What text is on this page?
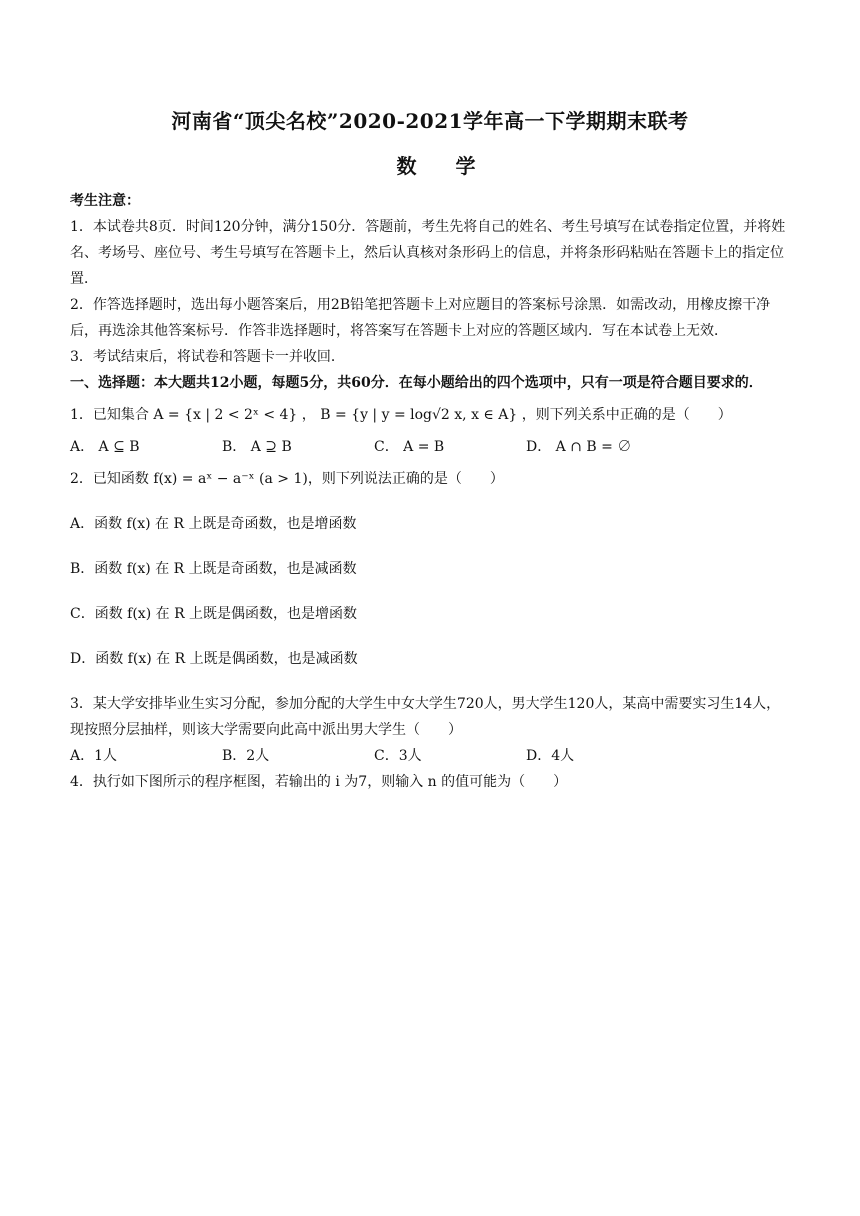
河南省“顶尖名校”2020-2021学年高一下学期期末联考
数 学
考生注意：
1．本试卷共8页．时间120分钟，满分150分．答题前，考生先将自己的姓名、考生号填写在试卷指定位置，并将姓名、考场号、座位号、考生号填写在答题卡上，然后认真核对条形码上的信息，并将条形码粘贴在答题卡上的指定位置．
2．作答选择题时，选出每小题答案后，用2B铅笔把答题卡上对应题目的答案标号涂黑．如需改动，用橡皮擦干净后，再选涂其他答案标号．作答非选择题时，将答案写在答题卡上对应的答题区域内．写在本试卷上无效．
3．考试结束后，将试卷和答题卡一并收回．
一、选择题：本大题共12小题，每题5分，共60分．在每小题给出的四个选项中，只有一项是符合题目要求的．
1．已知集合 A = {x | 2 < 2ˣ < 4} ， B = {y | y = log√2 x, x ∈ A} ，则下列关系中正确的是（　　）
A． A ⊆ B	B． A ⊇ B	C． A = B	D． A ∩ B = ∅
2．已知函数 f(x) = aˣ − a⁻ˣ (a > 1)，则下列说法正确的是（　　）
A．函数 f(x) 在 R 上既是奇函数，也是增函数
B．函数 f(x) 在 R 上既是奇函数，也是减函数
C．函数 f(x) 在 R 上既是偶函数，也是增函数
D．函数 f(x) 在 R 上既是偶函数，也是减函数
3．某大学安排毕业生实习分配，参加分配的大学生中女大学生720人，男大学生120人，某高中需要实习生14人，现按照分层抽样，则该大学需要向此高中派出男大学生（　　）
A．1人	B．2人	C．3人	D．4人
4．执行如下图所示的程序框图，若输出的 i 为7，则输入 n 的值可能为（　　）
